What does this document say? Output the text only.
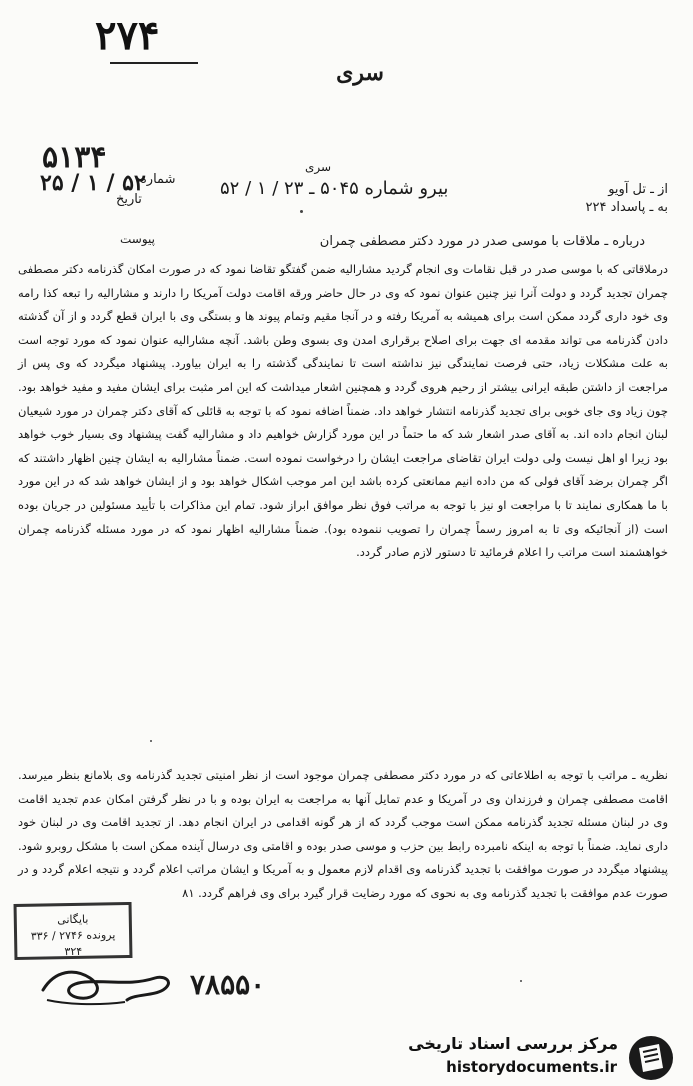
۲۷۴
سری
۵۱۳۴
شماره
۲۵ / ۱ / ۵۲
تاریخ
پیوست
سری
بیرو شماره ۵۰۴۵ ـ ۲۳ / ۱ / ۵۲	از ـ تل آویو
به ـ پاسداد ۲۲۴
درباره ـ ملاقات با موسی صدر در مورد دکتر مصطفی چمران

درملاقاتی که با موسی صدر در قبل نقامات وی انجام گردید مشارالیه ضمن گفتگو تقاضا نمود که در صورت امکان گذرنامه دکتر مصطفی چمران تجدید گردد و دولت آنرا نیز چنین عنوان نمود که وی در حال حاضر ورقه اقامت دولت آمریکا را دارند و مشارالیه را تبعه کذا رامه وی خود داری گردد ممکن است برای همیشه به آمریکا رفته و در آنجا مقیم وتمام پیوند ها و بستگی وی با ایران قطع گردد و از آن گذشته دادن گذرنامه می تواند مقدمه ای جهت برای اصلاح برقراری امدن وی بسوی وطن باشد. آنچه مشارالیه عنوان نمود که مورد توجه است به علت مشکلات زیاد، حتی فرصت نمایندگی نیز نداشته است تا نمایندگی گذشته را به ایران بیاورد. پیشنهاد میگردد که وی پس از مراجعت از داشتن طبقه ایرانی بیشتر از رحیم هروی گردد و همچنین اشعار میداشت که این امر مثبت برای ایشان مفید و مفید خواهد بود. چون زیاد وی جای خوبی برای تجدید گذرنامه انتشار خواهد داد. ضمناً اضافه نمود که با توجه به قائلی که آقای دکتر چمران در مورد شیعیان لبنان انجام داده اند. به آقای صدر اشعار شد که ما حتماً در این مورد گزارش خواهیم داد و مشارالیه گفت پیشنهاد وی بسیار خوب خواهد بود زیرا او اهل نیست ولی دولت ایران تقاضای مراجعت ایشان را درخواست نموده است. ضمناً مشارالیه به ایشان چنین اظهار داشتند که اگر چمران برضد آقای فولی که من داده انیم ممانعتی کرده باشد این امر موجب اشکال خواهد بود و از ایشان خواهد شد که در این مورد با ما همکاری نمایند تا با مراجعت او نیز با توجه به مراتب فوق نظر موافق ابراز شود. تمام این مذاکرات با تأیید مسئولین در جریان بوده است (از آنجائیکه وی تا به امروز رسماً چمران را تصویب ننموده بود). ضمناً مشارالیه اظهار نمود که در مورد مسئله گذرنامه چمران خواهشمند است مراتب را اعلام فرمائید تا دستور لازم صادر گردد.

نظریه ـ مراتب با توجه به اطلاعاتی که در مورد دکتر مصطفی چمران موجود است از نظر امنیتی تجدید گذرنامه وی بلامانع بنظر میرسد. اقامت مصطفی چمران و فرزندان وی در آمریکا و عدم تمایل آنها به مراجعت به ایران بوده و با در نظر گرفتن امکان عدم تجدید اقامت وی در لبنان مسئله تجدید گذرنامه ممکن است موجب گردد که از هر گونه اقدامی در ایران انجام دهد. از تجدید اقامت وی در لبنان خود داری نماید. ضمناً با توجه به اینکه نامبرده رابط بین حزب و موسی صدر بوده و اقامتی وی درسال آینده ممکن است با مشکل روبرو شود. پیشنهاد میگردد در صورت موافقت با تجدید گذرنامه وی اقدام لازم معمول و به آمریکا و ایشان مراتب اعلام گردد و نتیجه اعلام گردد و در صورت عدم موافقت با تجدید گذرنامه وی به نحوی که مورد رضایت قرار گیرد برای وی فراهم گردد. ۸۱

بایگانی
پرونده ۲۷۴۶ / ۳۳۶
۳۲۴
۷۸۵۵۰
مرکز بررسی اسناد تاریخی
historydocuments.ir
